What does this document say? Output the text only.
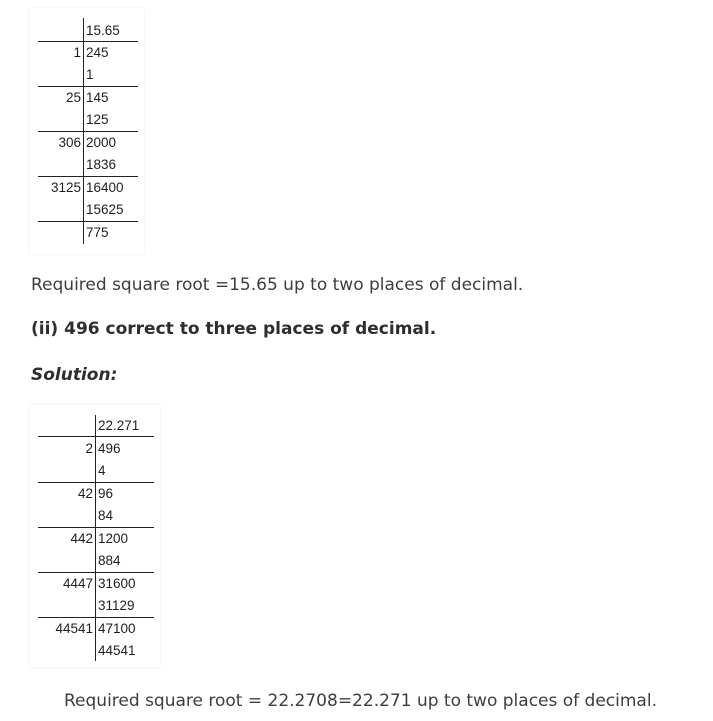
15.65
1 245
1
25 145
125
306 2000
1836
3125 16400
15625
775
Required square root =15.65 up to two places of decimal.
(ii) 496 correct to three places of decimal.
Solution:
22.271
2 496
4
42 96
84
442 1200
884
4447 31600
31129
44541 47100
44541
Required square root = 22.2708=22.271 up to two places of decimal.
